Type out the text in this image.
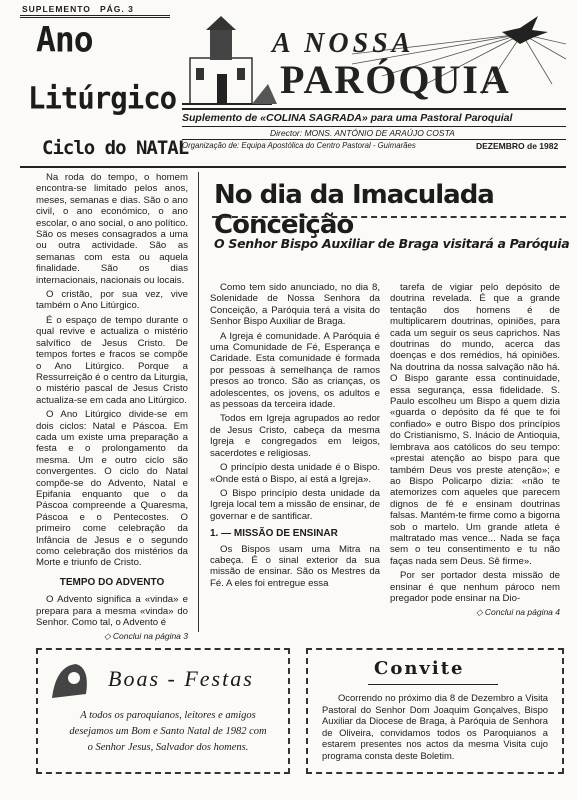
SUPLEMENTO PÁG. 3
Ano
Litúrgico
Ciclo do NATAL
A NOSSA
PARÓQUIA
Suplemento de «COLINA SAGRADA» para uma Pastoral Paroquial
Director: MONS. ANTÓNIO DE ARAÚJO COSTA
Organização de: Equipa Apostólica do Centro Pastoral - Guimarães	DEZEMBRO de 1982

Na roda do tempo, o homem encontra-se limitado pelos anos, meses, semanas e dias. São o ano civil, o ano económico, o ano escolar, o ano social, o ano político. São os meses consagrados a uma ou outra actividade. São as semanas com esta ou aquela finalidade. São os dias internacionais, nacionais ou locais.

O cristão, por sua vez, vive também o Ano Litúrgico.

É o espaço de tempo durante o qual revive e actualiza o mistério salvífico de Jesus Cristo. De tempos fortes e fracos se compõe o Ano Litúrgico. Porque a Ressurreição é o centro da Liturgia, o mistério pascal de Jesus Cristo actualiza-se em cada ano Litúrgico.

O Ano Litúrgico divide-se em dois ciclos: Natal e Páscoa. Em cada um existe uma preparação a festa e o prolongamento da mesma. Um e outro ciclo são convergentes. O ciclo do Natal compõe-se do Advento, Natal e Epifania enquanto que o da Páscoa compreende a Quaresma, Páscoa e o Pentecostes. O primeiro come celebração da Infância de Jesus e o segundo como celebração dos mistérios da Morte e triunfo de Cristo.

TEMPO DO ADVENTO

O Advento significa a «vinda» e prepara para a mesma «vinda» do Senhor. Como tal, o Advento é

◇ Conclui na página 3
No dia da Imaculada Conceição
O Senhor Bispo Auxiliar de Braga visitará a Paróquia

Como tem sido anunciado, no dia 8, Solenidade de Nossa Senhora da Conceição, a Paróquia terá a visita do Senhor Bispo Auxiliar de Braga.

A Igreja é comunidade. A Paróquia é uma Comunidade de Fé, Esperança e Caridade. Esta comunidade é formada por pessoas à semelhança de ramos presos ao tronco. São as crianças, os adolescentes, os jovens, os adultos e as pessoas da terceira idade.

Todos em Igreja agrupados ao redor de Jesus Cristo, cabeça da mesma Igreja e congregados em leigos, sacerdotes e religiosas.

O princípio desta unidade é o Bispo. «Onde está o Bispo, aí está a Igreja».

O Bispo princípio desta unidade da Igreja local tem a missão de ensinar, de governar e de santificar.

1. — MISSÃO DE ENSINAR

Os Bispos usam uma Mitra na cabeça. É o sinal exterior da sua missão de ensinar. São os Mestres da Fé. A eles foi entregue essa

tarefa de vigiar pelo depósito de doutrina revelada. É que a grande tentação dos homens é de multiplicarem doutrinas, opiniões, para cada um seguir os seus caprichos. Nas doutrinas do mundo, acerca das doenças e dos remédios, há opiniões. Na doutrina da nossa salvação não há. O Bispo garante essa continuidade, essa segurança, essa fidelidade. S. Paulo escolheu um Bispo a quem dizia «guarda o depósito da fé que te foi confiado» e outro Bispo dos princípios do Cristianismo, S. Inácio de Antioquia, lembrava aos católicos do seu tempo: «prestai atenção ao bispo para que também Deus vos preste atenção»; e ao Bispo Policarpo dizia: «não te atemorizes com aqueles que parecem dignos de fé e ensinam doutrinas falsas. Mantém-te firme como a bigorna sob o martelo. Um grande atleta é maltratado mas vence... Nada se faça sem o teu consentimento e tu não faças nada sem Deus. Sê firme».

Por ser portador desta missão de ensinar é que nenhum pároco nem pregador pode ensinar na Dio-

◇ Conclui na página 4
Boas - Festas
A todos os paroquianos, leitores e amigos desejamos um Bom e Santo Natal de 1982 com o Senhor Jesus, Salvador dos homens.
Convite
Ocorrendo no próximo dia 8 de Dezembro a Visita Pastoral do Senhor Dom Joaquim Gonçalves, Bispo Auxiliar da Diocese de Braga, à Paróquia de Senhora de Oliveira, convidamos todos os Paroquianos a estarem presentes nos actos da mesma Visita cujo programa consta deste Boletim.
